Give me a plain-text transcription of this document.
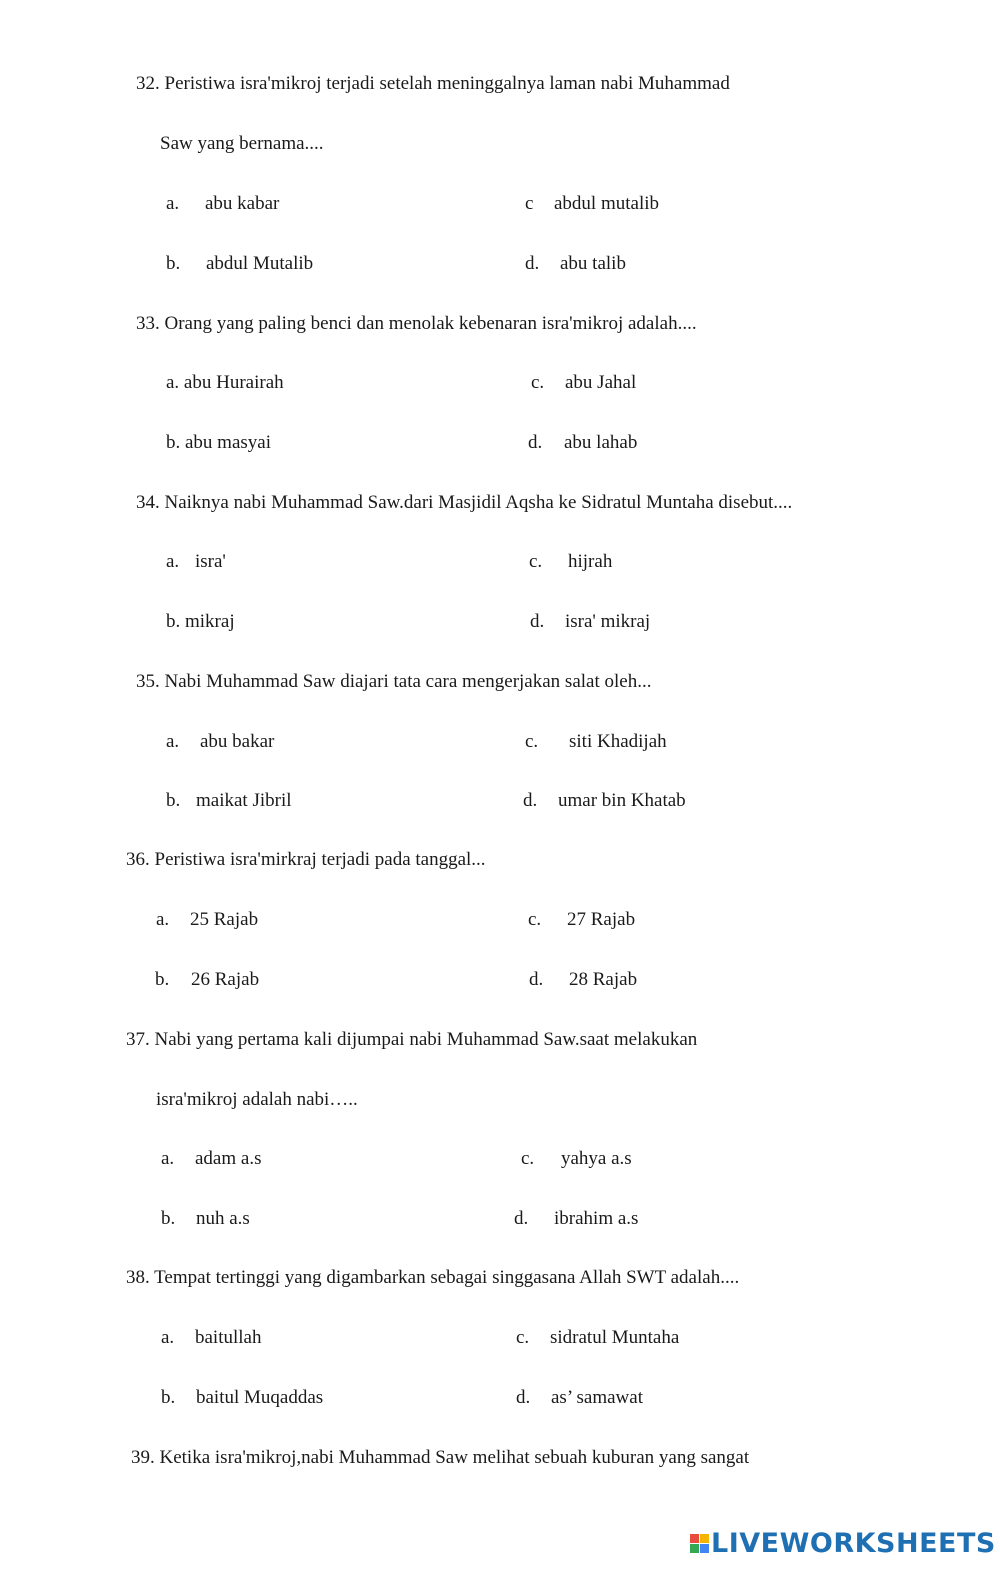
32. Peristiwa isra'mikroj terjadi setelah meninggalnya laman nabi Muhammad
Saw yang bernama....
a. abu kabar	c abdul mutalib
b. abdul Mutalib	d. abu talib
33. Orang yang paling benci dan menolak kebenaran isra'mikroj adalah....
a. abu Hurairah	c. abu Jahal
b. abu masyai	d. abu lahab
34. Naiknya nabi Muhammad Saw.dari Masjidil Aqsha ke Sidratul Muntaha disebut....
a. isra'	c. hijrah
b. mikraj	d. isra' mikraj
35. Nabi Muhammad Saw diajari tata cara mengerjakan salat oleh...
a. abu bakar	c. siti Khadijah
b. maikat Jibril	d. umar bin Khatab
36. Peristiwa isra'mirkraj terjadi pada tanggal...
a. 25 Rajab	c. 27 Rajab
b. 26 Rajab	d. 28 Rajab
37. Nabi yang pertama kali dijumpai nabi Muhammad Saw.saat melakukan
isra'mikroj adalah nabi…..
a. adam a.s	c. yahya a.s
b. nuh a.s	d. ibrahim a.s
38. Tempat tertinggi yang digambarkan sebagai singgasana Allah SWT adalah....
a. baitullah	c. sidratul Muntaha
b. baitul Muqaddas	d. as’ samawat
39. Ketika isra'mikroj,nabi Muhammad Saw melihat sebuah kuburan yang sangat
LIVEWORKSHEETS
